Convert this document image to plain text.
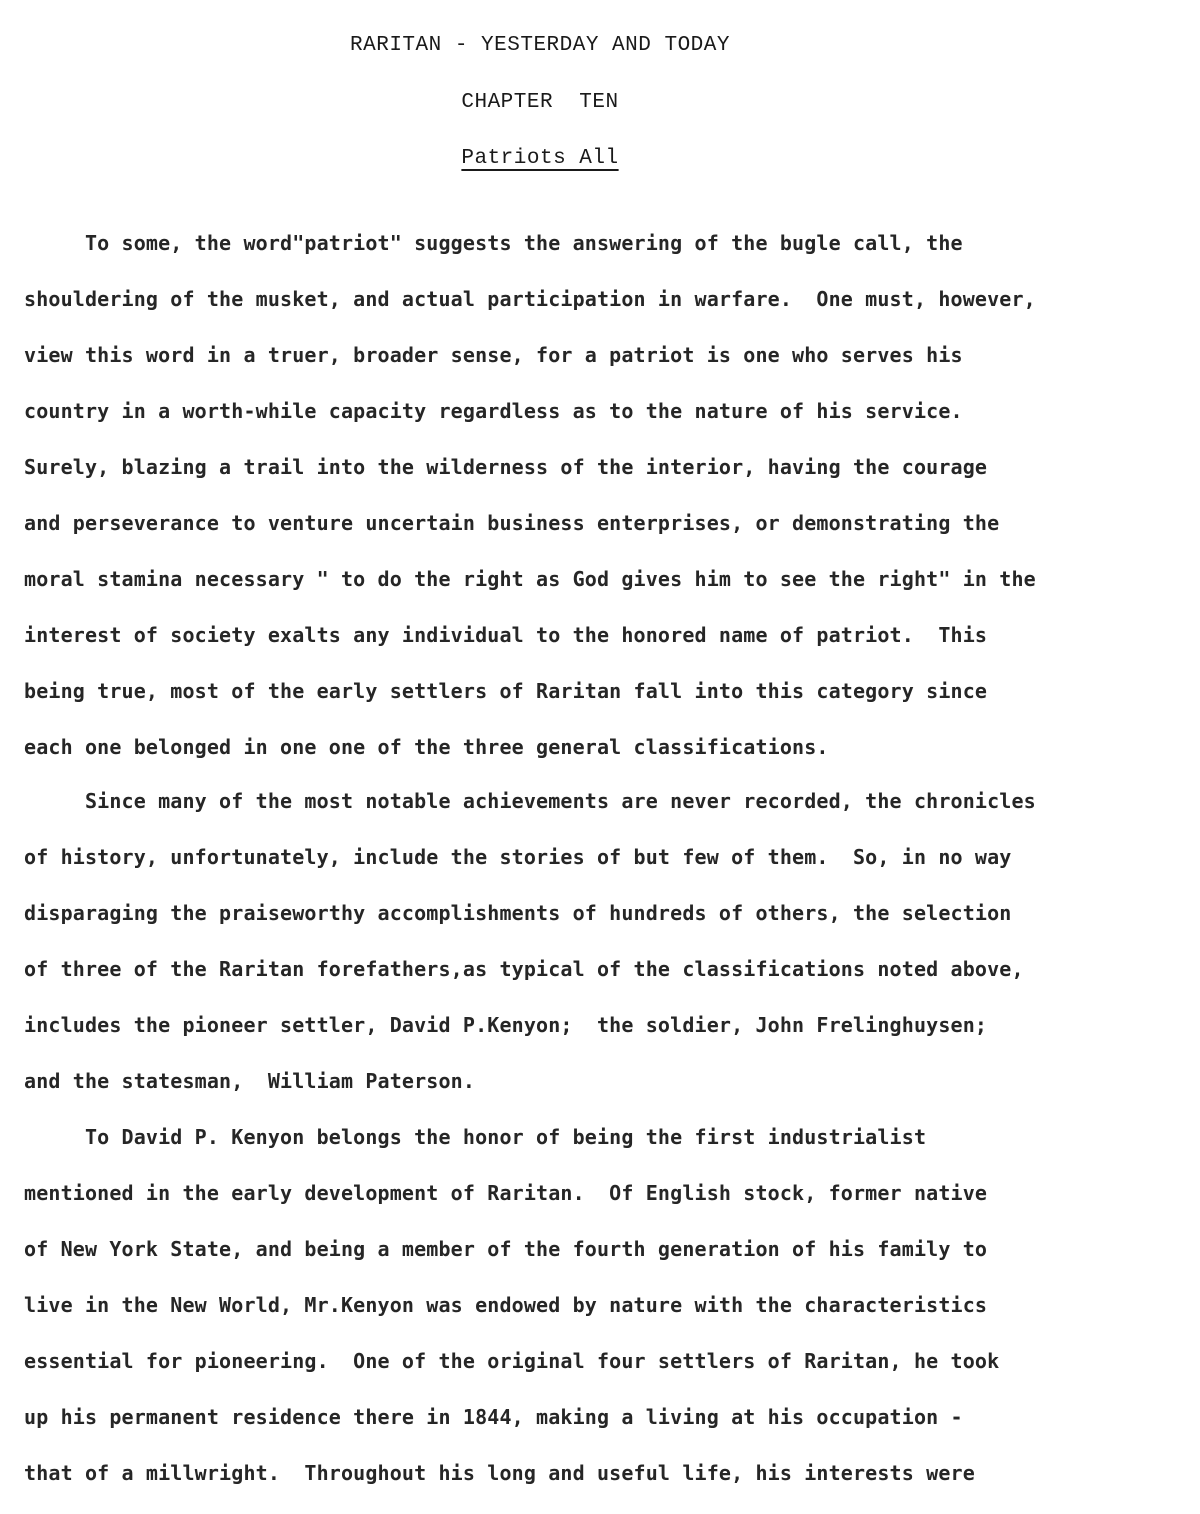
RARITAN - YESTERDAY AND TODAY
CHAPTER  TEN
Patriots All
To some, the word"patriot" suggests the answering of the bugle call, the
shouldering of the musket, and actual participation in warfare.  One must, however,
view this word in a truer, broader sense, for a patriot is one who serves his
country in a worth-while capacity regardless as to the nature of his service.
Surely, blazing a trail into the wilderness of the interior, having the courage
and perseverance to venture uncertain business enterprises, or demonstrating the
moral stamina necessary " to do the right as God gives him to see the right" in the
interest of society exalts any individual to the honored name of patriot.  This
being true, most of the early settlers of Raritan fall into this category since
each one belonged in one one of the three general classifications.
Since many of the most notable achievements are never recorded, the chronicles
of history, unfortunately, include the stories of but few of them.  So, in no way
disparaging the praiseworthy accomplishments of hundreds of others, the selection
of three of the Raritan forefathers,as typical of the classifications noted above,
includes the pioneer settler, David P.Kenyon;  the soldier, John Frelinghuysen;
and the statesman,  William Paterson.
To David P. Kenyon belongs the honor of being the first industrialist
mentioned in the early development of Raritan.  Of English stock, former native
of New York State, and being a member of the fourth generation of his family to
live in the New World, Mr.Kenyon was endowed by nature with the characteristics
essential for pioneering.  One of the original four settlers of Raritan, he took
up his permanent residence there in 1844, making a living at his occupation -
that of a millwright.  Throughout his long and useful life, his interests were
